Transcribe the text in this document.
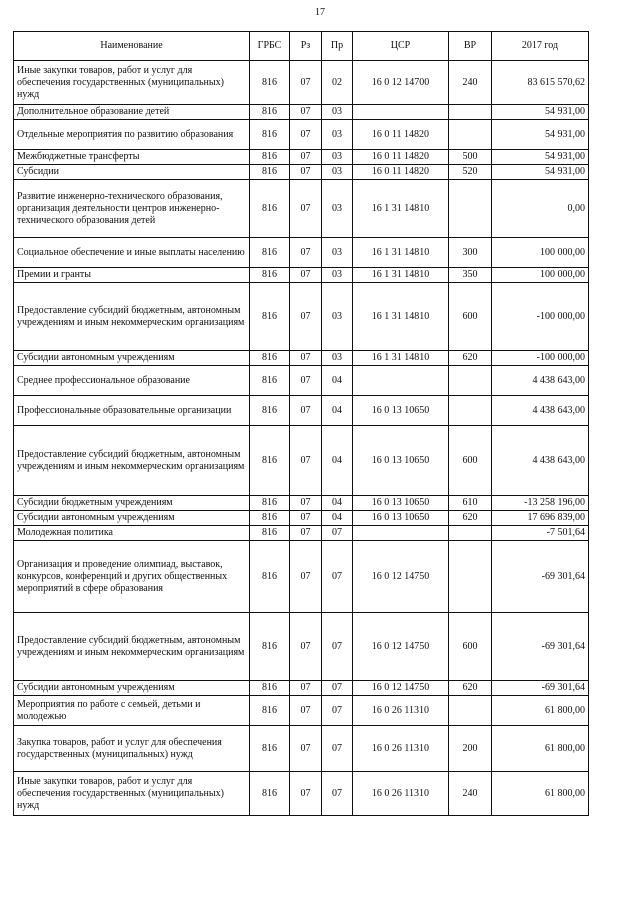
17
Наименование	ГРБС	Рз	Пр	ЦСР	ВР	2017 год
Иные закупки товаров, работ и услуг для обеспечения государственных (муниципальных) нужд	816	07	02	16 0 12 14700	240	83 615 570,62
Дополнительное образование детей	816	07	03			54 931,00
Отдельные мероприятия по развитию образования	816	07	03	16 0 11 14820		54 931,00
Межбюджетные трансферты	816	07	03	16 0 11 14820	500	54 931,00
Субсидии	816	07	03	16 0 11 14820	520	54 931,00
Развитие инженерно-технического образования, организация деятельности центров инженерно-технического образования детей	816	07	03	16 1 31 14810		0,00
Социальное обеспечение и иные выплаты населению	816	07	03	16 1 31 14810	300	100 000,00
Премии и гранты	816	07	03	16 1 31 14810	350	100 000,00
Предоставление субсидий бюджетным, автономным учреждениям и иным некоммерческим организациям	816	07	03	16 1 31 14810	600	-100 000,00
Субсидии автономным учреждениям	816	07	03	16 1 31 14810	620	-100 000,00
Среднее профессиональное образование	816	07	04			4 438 643,00
Профессиональные образовательные организации	816	07	04	16 0 13 10650		4 438 643,00
Предоставление субсидий бюджетным, автономным учреждениям и иным некоммерческим организациям	816	07	04	16 0 13 10650	600	4 438 643,00
Субсидии бюджетным учреждениям	816	07	04	16 0 13 10650	610	-13 258 196,00
Субсидии автономным учреждениям	816	07	04	16 0 13 10650	620	17 696 839,00
Молодежная политика	816	07	07			-7 501,64
Организация и проведение олимпиад, выставок, конкурсов, конференций и других общественных мероприятий в сфере образования	816	07	07	16 0 12 14750		-69 301,64
Предоставление субсидий бюджетным, автономным учреждениям и иным некоммерческим организациям	816	07	07	16 0 12 14750	600	-69 301,64
Субсидии автономным учреждениям	816	07	07	16 0 12 14750	620	-69 301,64
Мероприятия по работе с семьей, детьми и молодежью	816	07	07	16 0 26 11310		61 800,00
Закупка товаров, работ и услуг для обеспечения государственных (муниципальных) нужд	816	07	07	16 0 26 11310	200	61 800,00
Иные закупки товаров, работ и услуг для обеспечения государственных (муниципальных) нужд	816	07	07	16 0 26 11310	240	61 800,00
